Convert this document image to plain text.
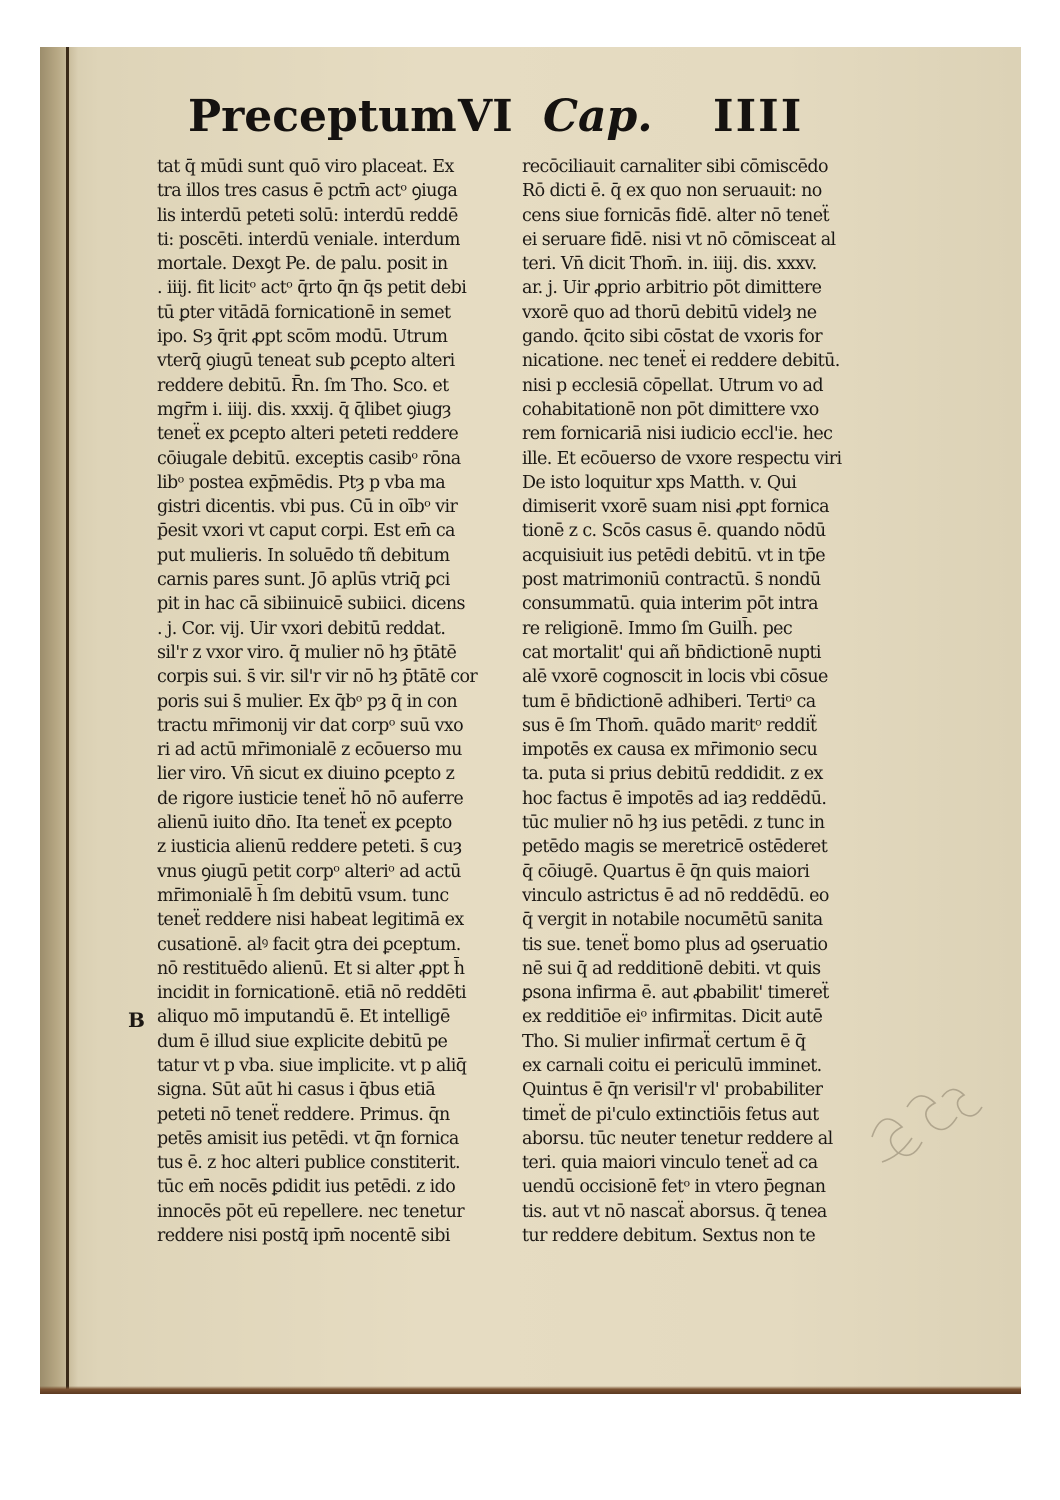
Preceptum VI Cap. IIII
tat q̄ mūdi sunt quō viro placeat. Ex
tra illos tres casus ē pctm̄ actᵒ ꝯiuga
lis interdū peteti solū: interdū reddē
ti: poscēti. interdū veniale. interdum
mortale. Dexꝯt Pe. de palu. posit in
. iiij. fit licitᵒ actᵒ q̄rto q̄n q̄s petit debi
tū ꝑter vitādā fornicationē in semet
ipo. Sȝ q̄rit ꝓpt scōm modū. Utrum
vterq̄ ꝯiugū teneat sub ꝑcepto alteri
reddere debitū. R̄n. ſm Tho. Sco. et
mgr̄m i. iiij. dis. xxxij. q̄ q̄libet ꝯiugȝ
teneẗ ex ꝑcepto alteri peteti reddere
cōiugale debitū. exceptis casibᵒ rōna
libᵒ postea exp̄mēdis. Ptȝ p vba ma
gistri dicentis. vbi pus. Cū in oībᵒ vir
p̄esit vxori vt caput corpi. Est em̄ ca
put mulieris. In soluēdo tñ debitum
carnis pares sunt. Jō aplūs vtriq̄ ꝑci
pit in hac cā sibiinuicē subiici. dicens
. j. Cor. vij. Uir vxori debitū reddat.
sil'r z vxor viro. q̄ mulier nō hȝ p̄tātē
corpis sui. s̄ vir. sil'r vir nō hȝ p̄tātē cor
poris sui s̄ mulier. Ex q̄bᵒ pȝ q̄ in con
tractu mr̄imonij vir dat corpᵒ suū vxo
ri ad actū mr̄imonialē z ecōuerso mu
lier viro. Vn̄ sicut ex diuino ꝑcepto z
de rigore iusticie teneẗ hō nō auferre
alienū iuito dn̄o. Ita teneẗ ex ꝑcepto
z iusticia alienū reddere peteti. s̄ cuȝ
vnus ꝯiugū petit corpᵒ alteriᵒ ad actū
mr̄imonialē h̄ ſm debitū vsum. tunc
teneẗ reddere nisi habeat legitimā ex
cusationē. alꝰ facit ꝯtra dei ꝑceptum.
nō restituēdo alienū. Et si alter ꝓpt h̄
incidit in fornicationē. etiā nō reddēti
aliquo mō imputandū ē. Et intelligē
dum ē illud siue explicite debitū pe
tatur vt p vba. siue implicite. vt p aliq̄
signa. Sūt aūt hi casus i q̄bus etiā
peteti nō teneẗ reddere. Primus. q̄n
petēs amisit ius petēdi. vt q̄n fornica
tus ē. z hoc alteri publice constiterit.
tūc em̄ nocēs ꝑdidit ius petēdi. z ido
innocēs pōt eū repellere. nec tenetur
reddere nisi postq̄ ipm̄ nocentē sibi
recōciliauit carnaliter sibi cōmiscēdo
Rō dicti ē. q̄ ex quo non seruauit: no
cens siue fornicās fidē. alter nō teneẗ
ei seruare fidē. nisi vt nō cōmisceat al
teri. Vn̄ dicit Thom̄. in. iiij. dis. xxxv.
ar. j. Uir ꝓprio arbitrio pōt dimittere
vxorē quo ad thorū debitū videlȝ ne
gando. q̄cito sibi cōstat de vxoris for
nicatione. nec teneẗ ei reddere debitū.
nisi p ecclesiā cōpellat. Utrum vo ad
cohabitationē non pōt dimittere vxo
rem fornicariā nisi iudicio eccl'ie. hec
ille. Et ecōuerso de vxore respectu viri
De isto loquitur xps Matth. v. Qui
dimiserit vxorē suam nisi ꝓpt fornica
tionē z c. Scōs casus ē. quando nōdū
acquisiuit ius petēdi debitū. vt in tp̄e
post matrimoniū contractū. s̄ nondū
consummatū. quia interim pōt intra
re religionē. Immo ſm Guilh̄. pec
cat mortalit' qui añ bn̄dictionē nupti
alē vxorē cognoscit in locis vbi cōsue
tum ē bn̄dictionē adhiberi. Tertiᵒ ca
sus ē ſm Thom̄. quādo maritᵒ reddiẗ
impotēs ex causa ex mr̄imonio secu
ta. puta si prius debitū reddidit. z ex
hoc factus ē impotēs ad iaȝ reddēdū.
tūc mulier nō hȝ ius petēdi. z tunc in
petēdo magis se meretricē ostēderet
q̄ cōiugē. Quartus ē q̄n quis maiori
vinculo astrictus ē ad nō reddēdū. eo
q̄ vergit in notabile nocumētū sanita
tis sue. teneẗ bomo plus ad ꝯseruatio
nē sui q̄ ad redditionē debiti. vt quis
ꝑsona infirma ē. aut ꝓbabilit' timereẗ
ex redditiōe eiᵒ infirmitas. Dicit autē
Tho. Si mulier infirmaẗ certum ē q̄
ex carnali coitu ei periculū imminet.
Quintus ē q̄n verisil'r vl' probabiliter
timeẗ de pi'culo extinctiōis fetus aut
aborsu. tūc neuter tenetur reddere al
teri. quia maiori vinculo teneẗ ad ca
uendū occisionē fetᵒ in vtero p̄egnan
tis. aut vt nō nascaẗ aborsus. q̄ tenea
tur reddere debitum. Sextus non te
B
